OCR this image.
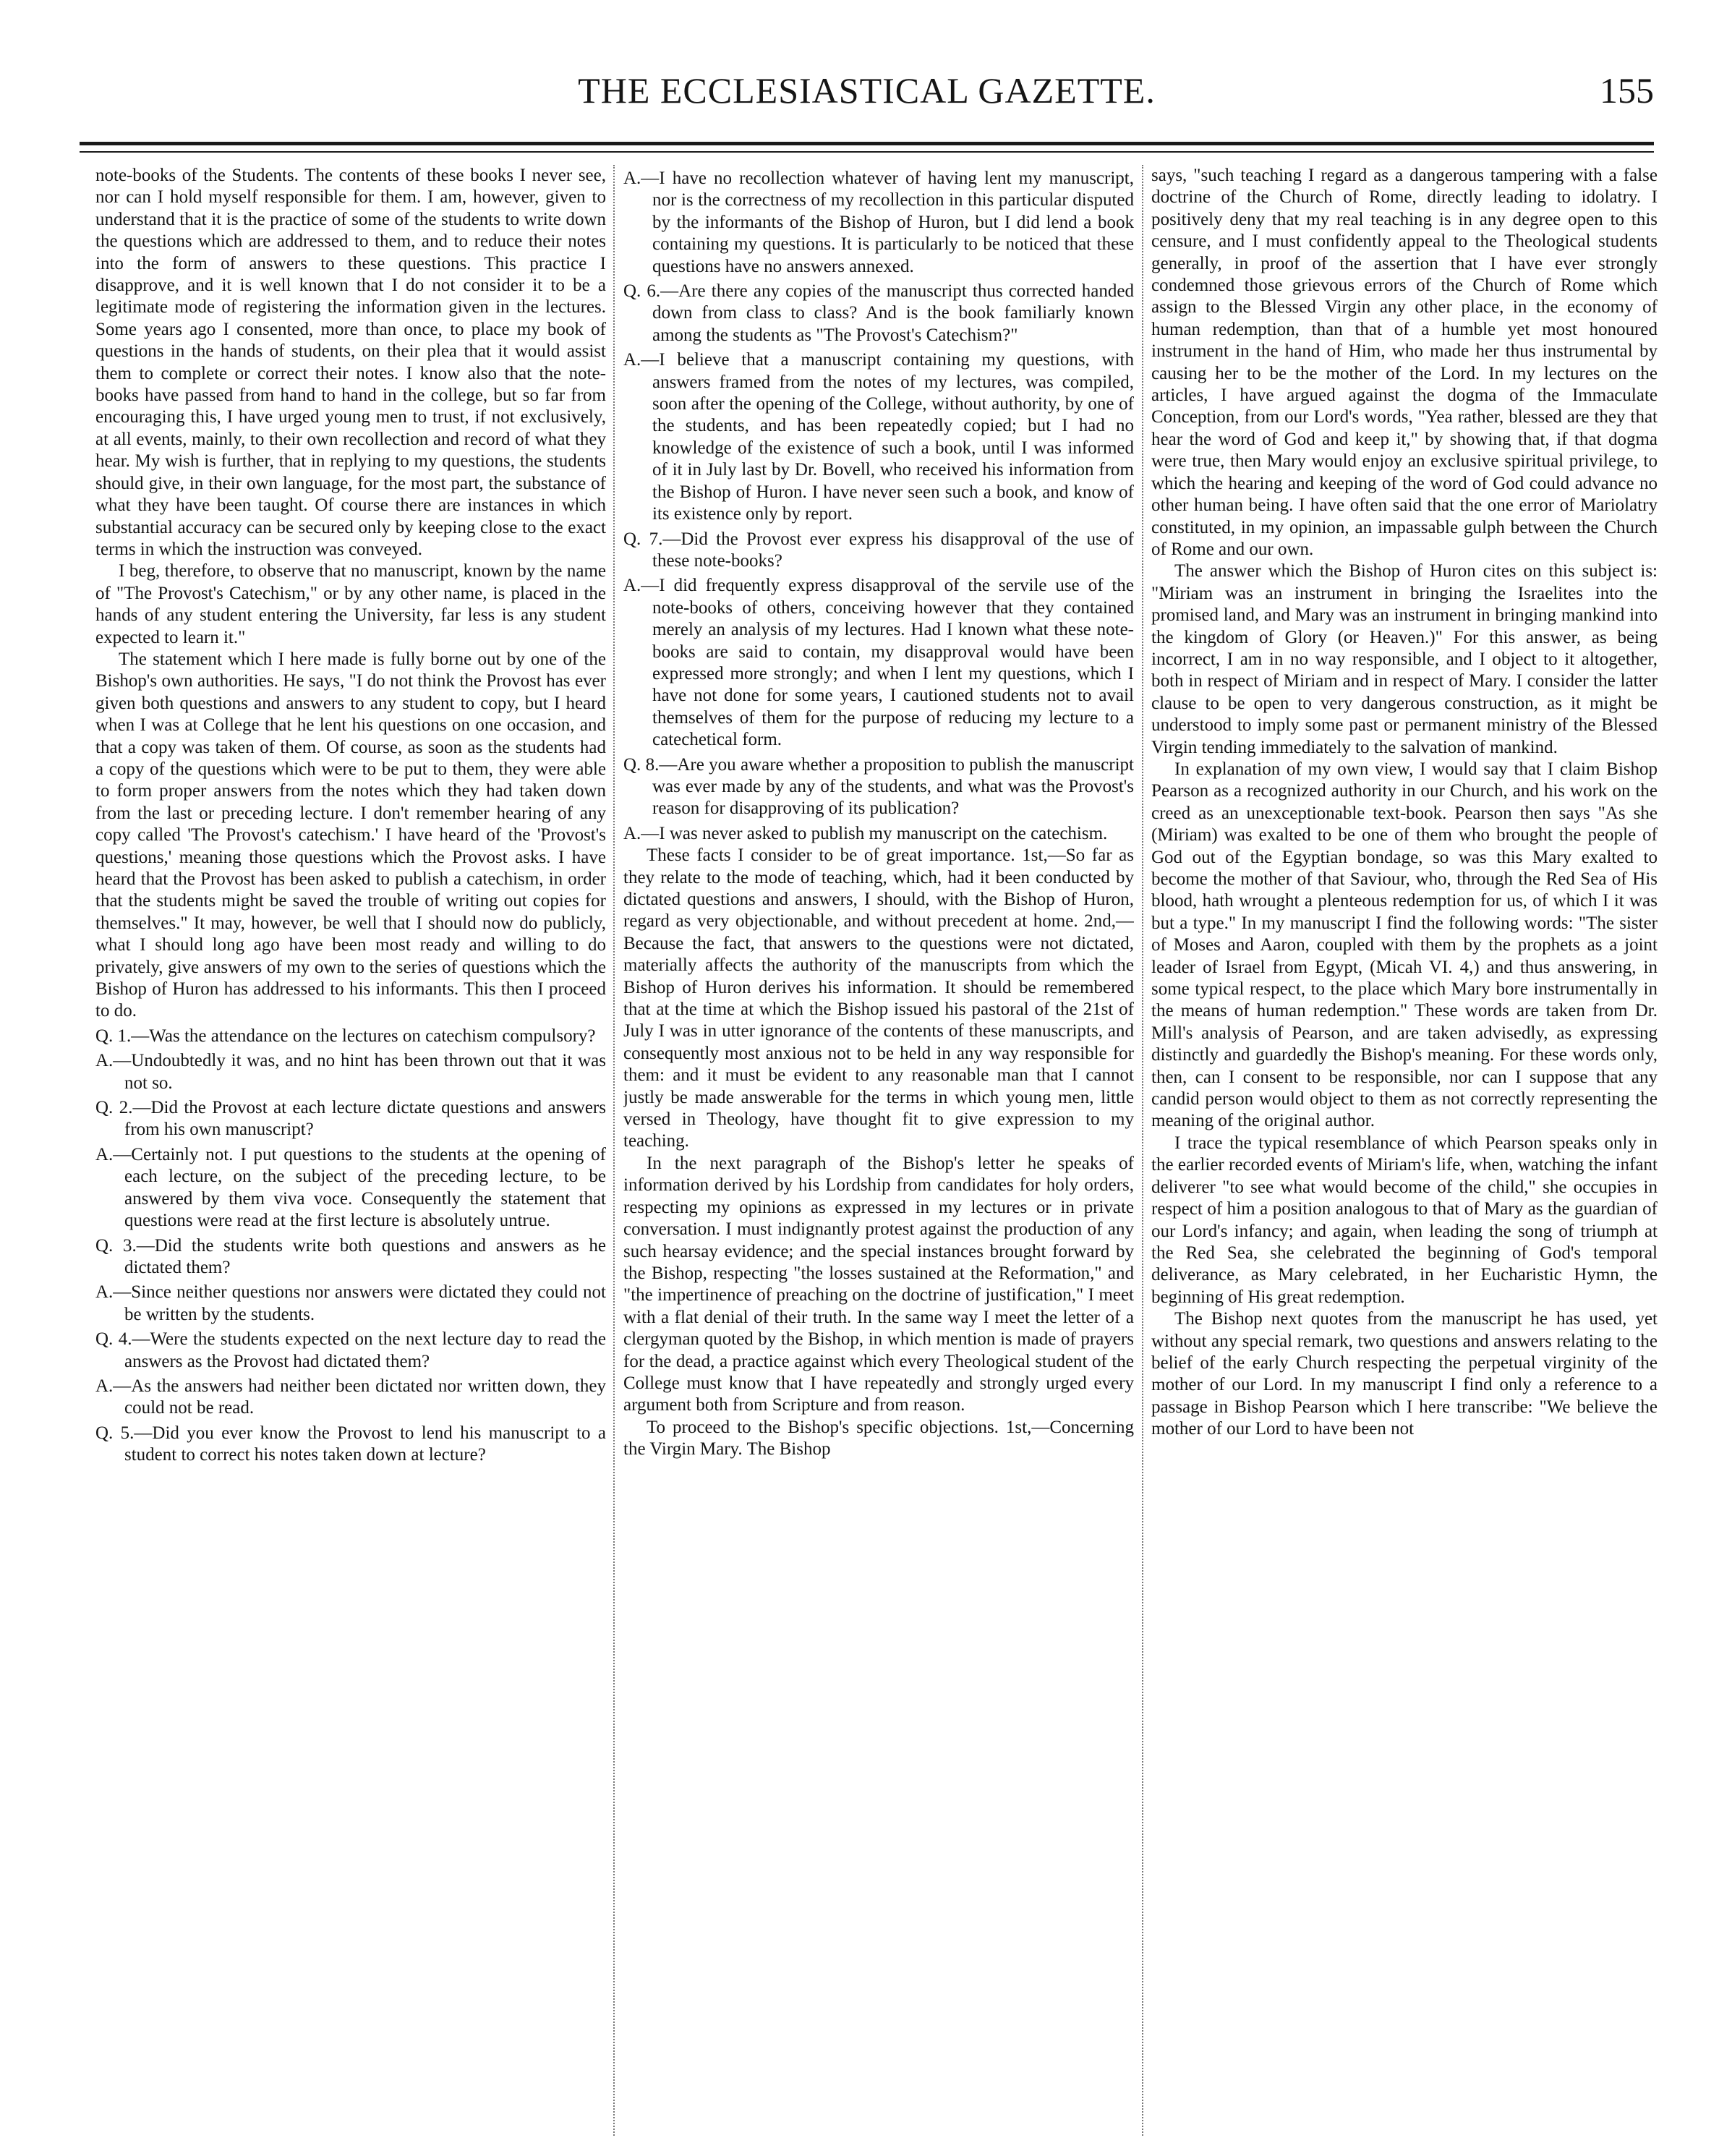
THE ECCLESIASTICAL GAZETTE.	155

note-books of the Students. The contents of these books I never see, nor can I hold myself responsible for them. I am, however, given to understand that it is the practice of some of the students to write down the questions which are addressed to them, and to reduce their notes into the form of answers to these questions. This practice I disapprove, and it is well known that I do not consider it to be a legitimate mode of registering the information given in the lectures. Some years ago I consented, more than once, to place my book of questions in the hands of students, on their plea that it would assist them to complete or correct their notes. I know also that the note-books have passed from hand to hand in the college, but so far from encouraging this, I have urged young men to trust, if not exclusively, at all events, mainly, to their own recollection and record of what they hear. My wish is further, that in replying to my questions, the students should give, in their own language, for the most part, the substance of what they have been taught. Of course there are instances in which substantial accuracy can be secured only by keeping close to the exact terms in which the instruction was conveyed.

I beg, therefore, to observe that no manuscript, known by the name of "The Provost's Catechism," or by any other name, is placed in the hands of any student entering the University, far less is any student expected to learn it."

The statement which I here made is fully borne out by one of the Bishop's own authorities. He says, "I do not think the Provost has ever given both questions and answers to any student to copy, but I heard when I was at College that he lent his questions on one occasion, and that a copy was taken of them. Of course, as soon as the students had a copy of the questions which were to be put to them, they were able to form proper answers from the notes which they had taken down from the last or preceding lecture. I don't remember hearing of any copy called 'The Provost's catechism.' I have heard of the 'Provost's questions,' meaning those questions which the Provost asks. I have heard that the Provost has been asked to publish a catechism, in order that the students might be saved the trouble of writing out copies for themselves." It may, however, be well that I should now do publicly, what I should long ago have been most ready and willing to do privately, give answers of my own to the series of questions which the Bishop of Huron has addressed to his informants. This then I proceed to do.

Q. 1.—Was the attendance on the lectures on catechism compulsory?

A.—Undoubtedly it was, and no hint has been thrown out that it was not so.

Q. 2.—Did the Provost at each lecture dictate questions and answers from his own manuscript?

A.—Certainly not. I put questions to the students at the opening of each lecture, on the subject of the preceding lecture, to be answered by them viva voce. Consequently the statement that questions were read at the first lecture is absolutely untrue.

Q. 3.—Did the students write both questions and answers as he dictated them?

A.—Since neither questions nor answers were dictated they could not be written by the students.

Q. 4.—Were the students expected on the next lecture day to read the answers as the Provost had dictated them?

A.—As the answers had neither been dictated nor written down, they could not be read.

Q. 5.—Did you ever know the Provost to lend his manuscript to a student to correct his notes taken down at lecture?

A.—I have no recollection whatever of having lent my manuscript, nor is the correctness of my recollection in this particular disputed by the informants of the Bishop of Huron, but I did lend a book containing my questions. It is particularly to be noticed that these questions have no answers annexed.

Q. 6.—Are there any copies of the manuscript thus corrected handed down from class to class? And is the book familiarly known among the students as "The Provost's Catechism?"

A.—I believe that a manuscript containing my questions, with answers framed from the notes of my lectures, was compiled, soon after the opening of the College, without authority, by one of the students, and has been repeatedly copied; but I had no knowledge of the existence of such a book, until I was informed of it in July last by Dr. Bovell, who received his information from the Bishop of Huron. I have never seen such a book, and know of its existence only by report.

Q. 7.—Did the Provost ever express his disapproval of the use of these note-books?

A.—I did frequently express disapproval of the servile use of the note-books of others, conceiving however that they contained merely an analysis of my lectures. Had I known what these note-books are said to contain, my disapproval would have been expressed more strongly; and when I lent my questions, which I have not done for some years, I cautioned students not to avail themselves of them for the purpose of reducing my lecture to a catechetical form.

Q. 8.—Are you aware whether a proposition to publish the manuscript was ever made by any of the students, and what was the Provost's reason for disapproving of its publication?

A.—I was never asked to publish my manuscript on the catechism.

These facts I consider to be of great importance. 1st,—So far as they relate to the mode of teaching, which, had it been conducted by dictated questions and answers, I should, with the Bishop of Huron, regard as very objectionable, and without precedent at home. 2nd,—Because the fact, that answers to the questions were not dictated, materially affects the authority of the manuscripts from which the Bishop of Huron derives his information. It should be remembered that at the time at which the Bishop issued his pastoral of the 21st of July I was in utter ignorance of the contents of these manuscripts, and consequently most anxious not to be held in any way responsible for them: and it must be evident to any reasonable man that I cannot justly be made answerable for the terms in which young men, little versed in Theology, have thought fit to give expression to my teaching.

In the next paragraph of the Bishop's letter he speaks of information derived by his Lordship from candidates for holy orders, respecting my opinions as expressed in my lectures or in private conversation. I must indignantly protest against the production of any such hearsay evidence; and the special instances brought forward by the Bishop, respecting "the losses sustained at the Reformation," and "the impertinence of preaching on the doctrine of justification," I meet with a flat denial of their truth. In the same way I meet the letter of a clergyman quoted by the Bishop, in which mention is made of prayers for the dead, a practice against which every Theological student of the College must know that I have repeatedly and strongly urged every argument both from Scripture and from reason.

To proceed to the Bishop's specific objections. 1st,—Concerning the Virgin Mary. The Bishop

says, "such teaching I regard as a dangerous tampering with a false doctrine of the Church of Rome, directly leading to idolatry. I positively deny that my real teaching is in any degree open to this censure, and I must confidently appeal to the Theological students generally, in proof of the assertion that I have ever strongly condemned those grievous errors of the Church of Rome which assign to the Blessed Virgin any other place, in the economy of human redemption, than that of a humble yet most honoured instrument in the hand of Him, who made her thus instrumental by causing her to be the mother of the Lord. In my lectures on the articles, I have argued against the dogma of the Immaculate Conception, from our Lord's words, "Yea rather, blessed are they that hear the word of God and keep it," by showing that, if that dogma were true, then Mary would enjoy an exclusive spiritual privilege, to which the hearing and keeping of the word of God could advance no other human being. I have often said that the one error of Mariolatry constituted, in my opinion, an impassable gulph between the Church of Rome and our own.

The answer which the Bishop of Huron cites on this subject is: "Miriam was an instrument in bringing the Israelites into the promised land, and Mary was an instrument in bringing mankind into the kingdom of Glory (or Heaven.)" For this answer, as being incorrect, I am in no way responsible, and I object to it altogether, both in respect of Miriam and in respect of Mary. I consider the latter clause to be open to very dangerous construction, as it might be understood to imply some past or permanent ministry of the Blessed Virgin tending immediately to the salvation of mankind.

In explanation of my own view, I would say that I claim Bishop Pearson as a recognized authority in our Church, and his work on the creed as an unexceptionable text-book. Pearson then says "As she (Miriam) was exalted to be one of them who brought the people of God out of the Egyptian bondage, so was this Mary exalted to become the mother of that Saviour, who, through the Red Sea of His blood, hath wrought a plenteous redemption for us, of which I it was but a type." In my manuscript I find the following words: "The sister of Moses and Aaron, coupled with them by the prophets as a joint leader of Israel from Egypt, (Micah VI. 4,) and thus answering, in some typical respect, to the place which Mary bore instrumentally in the means of human redemption." These words are taken from Dr. Mill's analysis of Pearson, and are taken advisedly, as expressing distinctly and guardedly the Bishop's meaning. For these words only, then, can I consent to be responsible, nor can I suppose that any candid person would object to them as not correctly representing the meaning of the original author.

I trace the typical resemblance of which Pearson speaks only in the earlier recorded events of Miriam's life, when, watching the infant deliverer "to see what would become of the child," she occupies in respect of him a position analogous to that of Mary as the guardian of our Lord's infancy; and again, when leading the song of triumph at the Red Sea, she celebrated the beginning of God's temporal deliverance, as Mary celebrated, in her Eucharistic Hymn, the beginning of His great redemption.

The Bishop next quotes from the manuscript he has used, yet without any special remark, two questions and answers relating to the belief of the early Church respecting the perpetual virginity of the mother of our Lord. In my manuscript I find only a reference to a passage in Bishop Pearson which I here transcribe: "We believe the mother of our Lord to have been not
